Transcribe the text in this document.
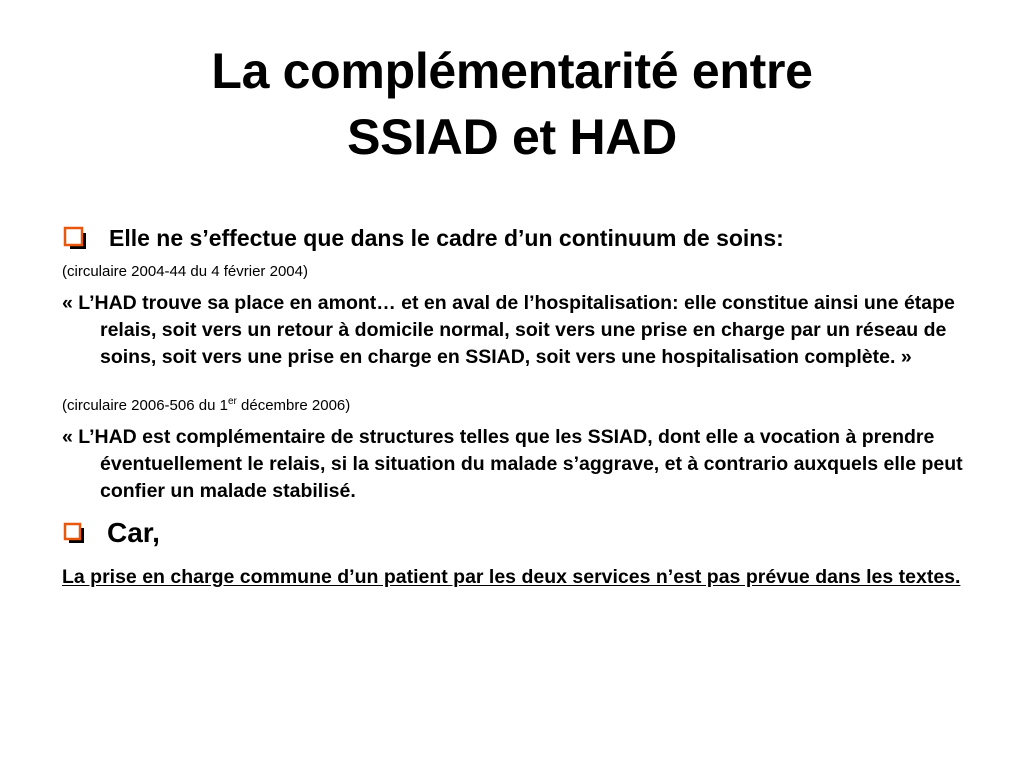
La complémentarité entre
SSIAD et HAD
Elle ne s’effectue que dans le cadre d’un continuum de soins:
(circulaire 2004-44 du 4 février 2004)
« L’HAD trouve sa place en amont… et en aval de l’hospitalisation: elle constitue ainsi une étape relais, soit vers un retour à domicile normal, soit vers une prise en charge par un réseau de soins, soit vers une prise en charge en SSIAD, soit vers une hospitalisation complète. »
(circulaire 2006-506 du 1er décembre 2006)
« L’HAD est complémentaire de structures telles que les SSIAD, dont elle a vocation à prendre éventuellement le relais, si la situation du malade s’aggrave, et à contrario auxquels elle peut confier un malade stabilisé.
Car,
La prise en charge commune d’un patient par les deux services n’est pas prévue dans les textes.
